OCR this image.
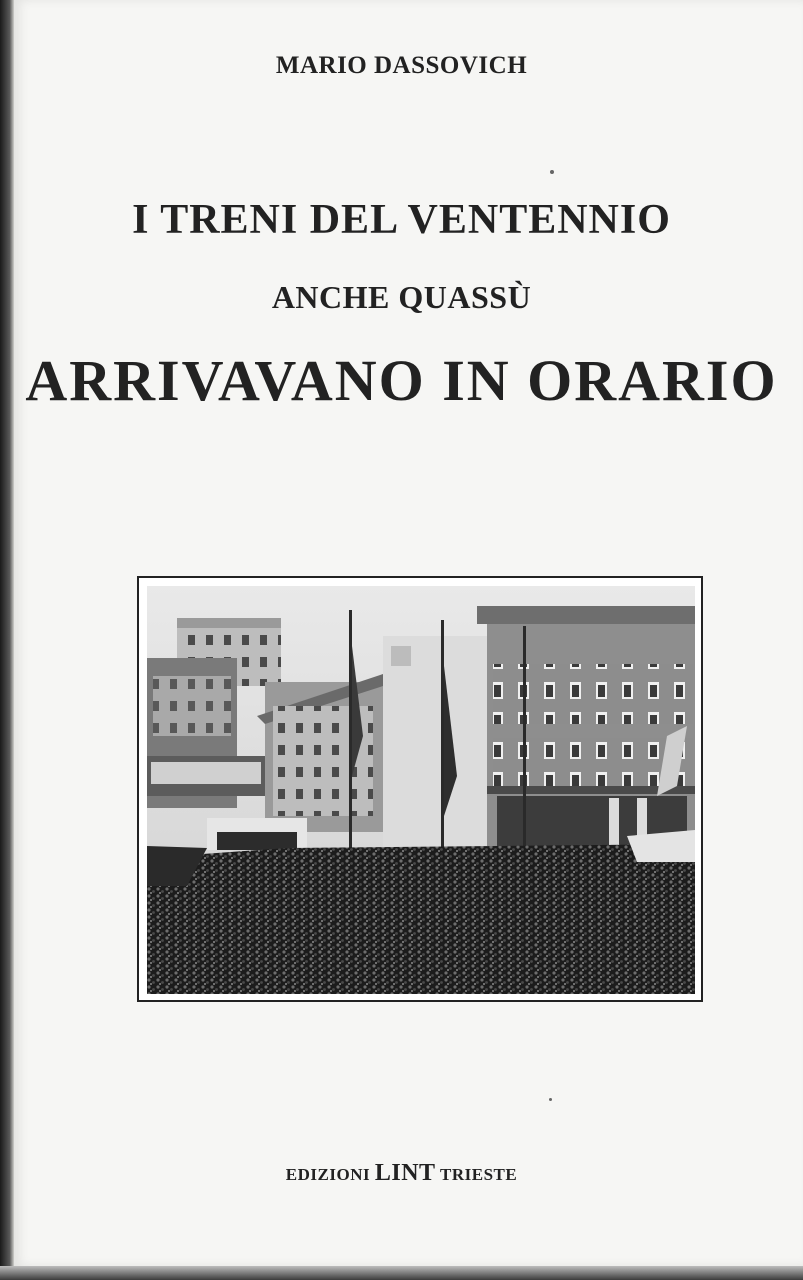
MARIO DASSOVICH
I TRENI DEL VENTENNIO
ANCHE QUASSÙ
ARRIVAVANO IN ORARIO
EDIZIONI LINT TRIESTE
